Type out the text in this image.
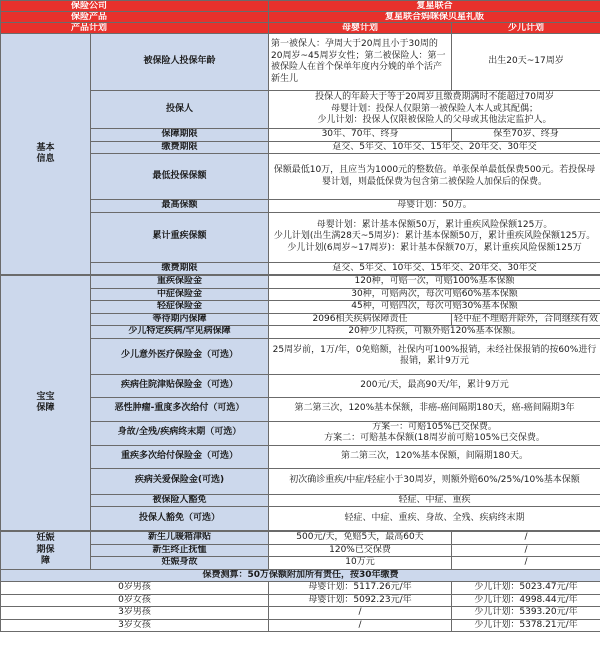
保险公司		复星联合	
保险产品		复星联合妈咪保贝星礼版	
产品计划		母婴计划	少儿计划
基本信息	被保险人投保年龄	第一被保人：孕周大于20周且小于30周的20周岁~45周岁女性；第二被保险人：第一被保险人在首个保单年度内分娩的单个活产新生儿	出生20天~17周岁
	投保人	投保人的年龄大于等于20周岁且缴费期满时不能超过70周岁
母婴计划：投保人仅限第一被保险人本人或其配偶；
少儿计划：投保人仅限被保险人的父母或其他法定监护人。	

	保障期限	30年、70年、终身	保至70岁、终身
	缴费期限	趸交、5年交、10年交、15年交、20年交、30年交	
	最低投保保额	保额最低10万，且应当为1000元的整数倍。单张保单最低保费500元。若投保母婴计划，则最低保费为包含第二被保险人加保后的保费。	
	最高保额	母婴计划：50万。	
	累计重疾保额	母婴计划：累计基本保额50万，累计重疾风险保额125万。
少儿计划(出生满28天~5周岁)：累计基本保额50万，累计重疾风险保额125万。
少儿计划(6周岁~17周岁)：累计基本保额70万，累计重疾风险保额125万	

	缴费期限	趸交、5年交、10年交、15年交、20年交、30年交	
宝宝保障	重疾保险金	120种，可赔一次，可赔100%基本保额	
	中症保险金	30种，可赔两次，每次可赔60%基本保额	
	轻症保险金	45种，可赔四次，每次可赔30%基本保额	
	等待期内保障	2096相关疾病保障责任	轻中症不理赔并除外，合同继续有效
	少儿特定疾病/罕见病保障	20种少儿特疾，可额外赔120%基本保额。	
	少儿意外医疗保险金（可选）	25周岁前，1万/年，0免赔额，社保内可100%报销，未经社保报销的按60%进行报销，累计9万元	
	疾病住院津贴保险金（可选）	200元/天，最高90天/年，累计9万元	
	恶性肿瘤-重度多次给付（可选）	第二第三次，120%基本保额，非癌-癌间隔期180天，癌-癌间隔期3年	
	身故/全残/疾病终末期（可选）	方案一：可赔105%已交保费。
方案二：可赔基本保额(18周岁前可赔105%已交保费。	

	重疾多次给付保险金（可选）	第二第三次，120%基本保额，间隔期180天。	
	疾病关爱保险金(可选)	初次确诊重疾/中症/轻症小于30周岁，则额外赔60%/25%/10%基本保额	
	被保险人豁免	轻症、中症、重疾	
	投保人豁免（可选）	轻症、中症、重疾、身故、全残、疾病终末期	
妊娠期保障	新生儿暖箱津贴	500元/天，免赔5天，最高60天	/
	新生终止抚恤	120%已交保费	/
	妊娠身故	10万元	/
保费测算：50万保额附加所有责任，按30年缴费			
0岁男孩		母婴计划：5117.26元/年	少儿计划：5023.47元/年
0岁女孩		母婴计划：5092.23元/年	少儿计划：4998.44元/年
3岁男孩		/	少儿计划：5393.20元/年
3岁女孩		/	少儿计划：5378.21元/年
